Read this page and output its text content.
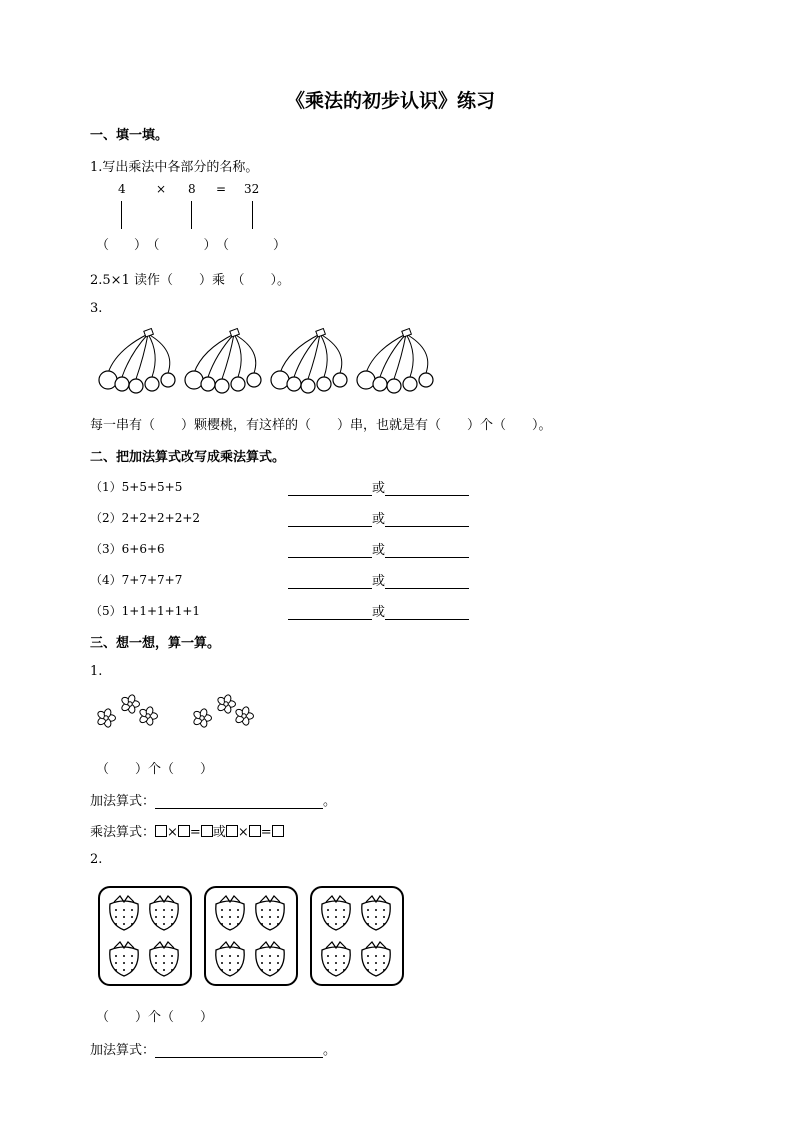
《乘法的初步认识》练习
一、填一填。
1.写出乘法中各部分的名称。
4	× 8 = 32
（　）（　　）（　　）
2.5×1 读作（　　）乘　（　　）。
3.
每一串有（　　）颗樱桃，有这样的（　　）串，也就是有（　　）个（　　）。
二、把加法算式改写成乘法算式。
（1）5+5+5+5	或
（2）2+2+2+2+2	或
（3）6+6+6	或
（4）7+7+7+7	或
（5）1+1+1+1+1	或
三、想一想，算一算。
1.
（　　）个（　　）
加法算式：	。
乘法算式： × = 或 × =
2.
（　　）个（　　）
加法算式：	。
